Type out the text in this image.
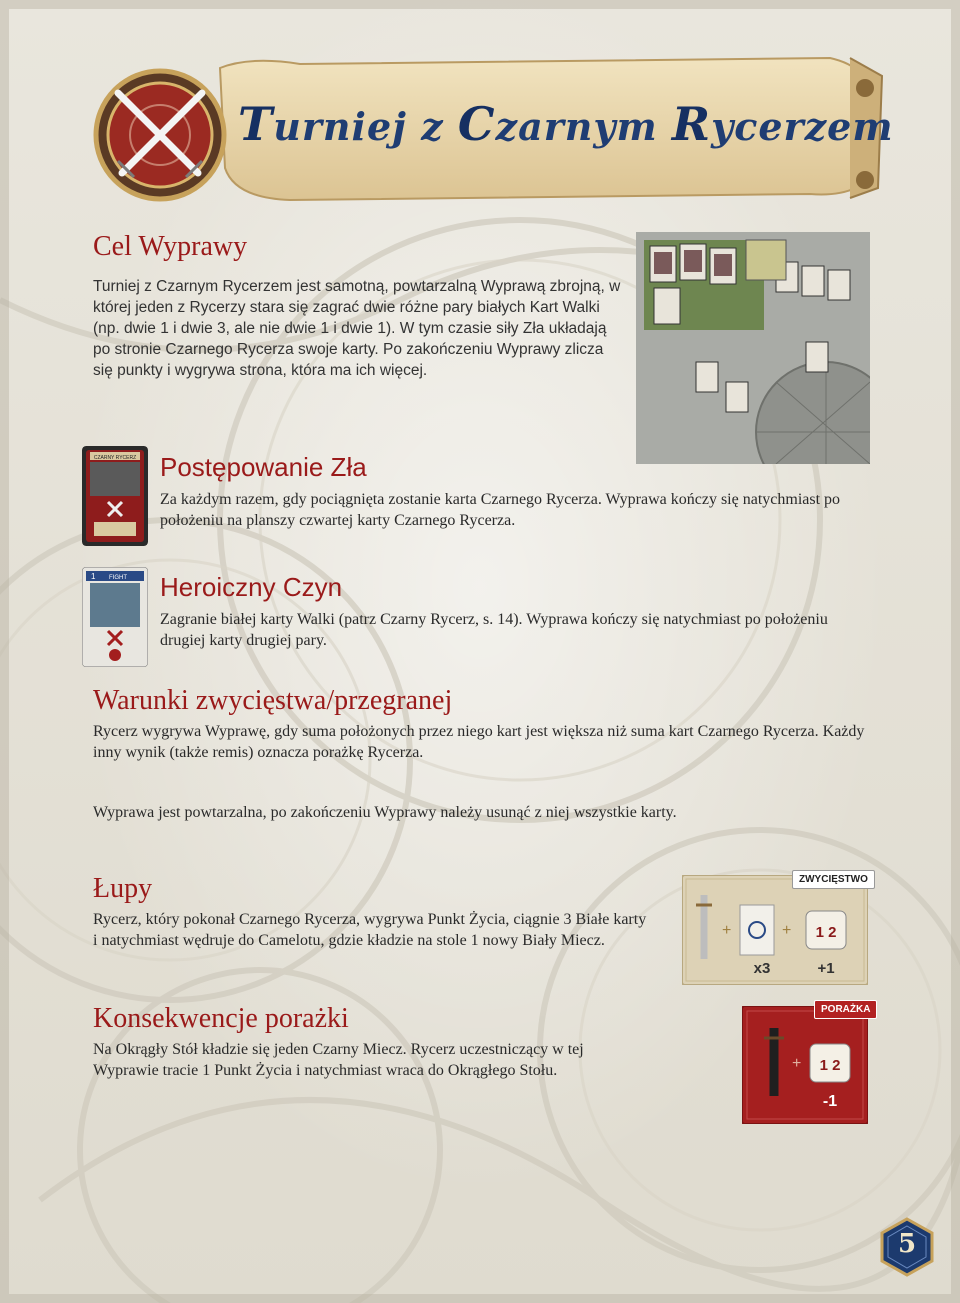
Turniej z Czarnym Rycerzem
Cel Wyprawy

Turniej z Czarnym Rycerzem jest samotną, powtarzalną Wyprawą zbrojną, w której jeden z Rycerzy stara się zagrać dwie różne pary białych Kart Walki (np. dwie 1 i dwie 3, ale nie dwie 1 i dwie 1). W tym czasie siły Zła układają po stronie Czarnego Rycerza swoje karty. Po zakończeniu Wyprawy zlicza się punkty i wygrywa strona, która ma ich więcej.

CZARNY RYCERZ Postępowanie Zła

Za każdym razem, gdy pociągnięta zostanie karta Czarnego Rycerza. Wyprawa kończy się natychmiast po położeniu na planszy czwartej karty Czarnego Rycerza.

1 FIGHT Heroiczny Czyn

Zagranie białej karty Walki (patrz Czarny Rycerz, s. 14). Wyprawa kończy się natychmiast po położeniu drugiej karty drugiej pary.

Warunki zwycięstwa/przegranej

Rycerz wygrywa Wyprawę, gdy suma położonych przez niego kart jest większa niż suma kart Czarnego Rycerza. Każdy inny wynik (także remis) oznacza porażkę Rycerza.

Wyprawa jest powtarzalna, po zakończeniu Wyprawy należy usunąć z niej wszystkie karty.

Łupy

Rycerz, który pokonał Czarnego Rycerza, wygrywa Punkt Życia, ciągnie 3 Białe karty i natychmiast wędruje do Camelotu, gdzie kładzie na stole 1 nowy Biały Miecz.

+	+ 1 2
x3	+1
ZWYCIĘSTWO
Konsekwencje porażki

Na Okrągły Stół kładzie się jeden Czarny Miecz. Rycerz uczestniczący w tej Wyprawie tracie 1 Punkt Życia i natychmiast wraca do Okrągłego Stołu.	+ 1 2
-1
PORAŻKA
5
